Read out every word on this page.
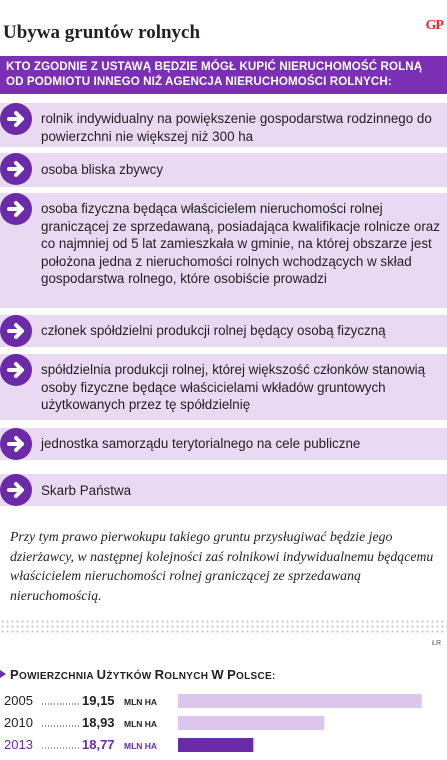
Ubywa gruntów rolnych	GP

KTO ZGODNIE Z USTAWĄ BĘDZIE MÓGŁ KUPIĆ NIERUCHOMOŚĆ ROLNĄ OD PODMIOTU INNEGO NIŻ AGENCJA NIERUCHOMOŚCI ROLNYCH:

rolnik indywidualny na powiększenie gospodarstwa rodzinnego do powierzchni nie większej niż 300 ha
osoba bliska zbywcy
osoba fizyczna będąca właścicielem nieruchomości rolnej graniczącej ze sprzedawaną, posiadająca kwalifikacje rolnicze oraz co najmniej od 5 lat zamieszkała w gminie, na której obszarze jest położona jedna z nieruchomości rolnych wchodzących w skład gospodarstwa rolnego, które osobiście prowadzi
członek spółdzielni produkcji rolnej będący osobą fizyczną
spółdzielnia produkcji rolnej, której większość członków stanowią osoby fizyczne będące właścicielami wkładów gruntowych użytkowanych przez tę spółdzielnię
jednostka samorządu terytorialnego na cele publiczne
Skarb Państwa
Przy tym prawo pierwokupu takiego gruntu przysługiwać będzie jego dzierżawcy, w następnej kolejności zaś rolnikowi indywidualnemu będącemu właścicielem nieruchomości rolnej graniczącej ze sprzedawaną nieruchomością.
ŁR
POWIERZCHNIA UŻYTKÓW ROLNYCH W POLSCE:
2005	19,15 MLN HA
2010	18,93 MLN HA
2013	18,77 MLN HA
